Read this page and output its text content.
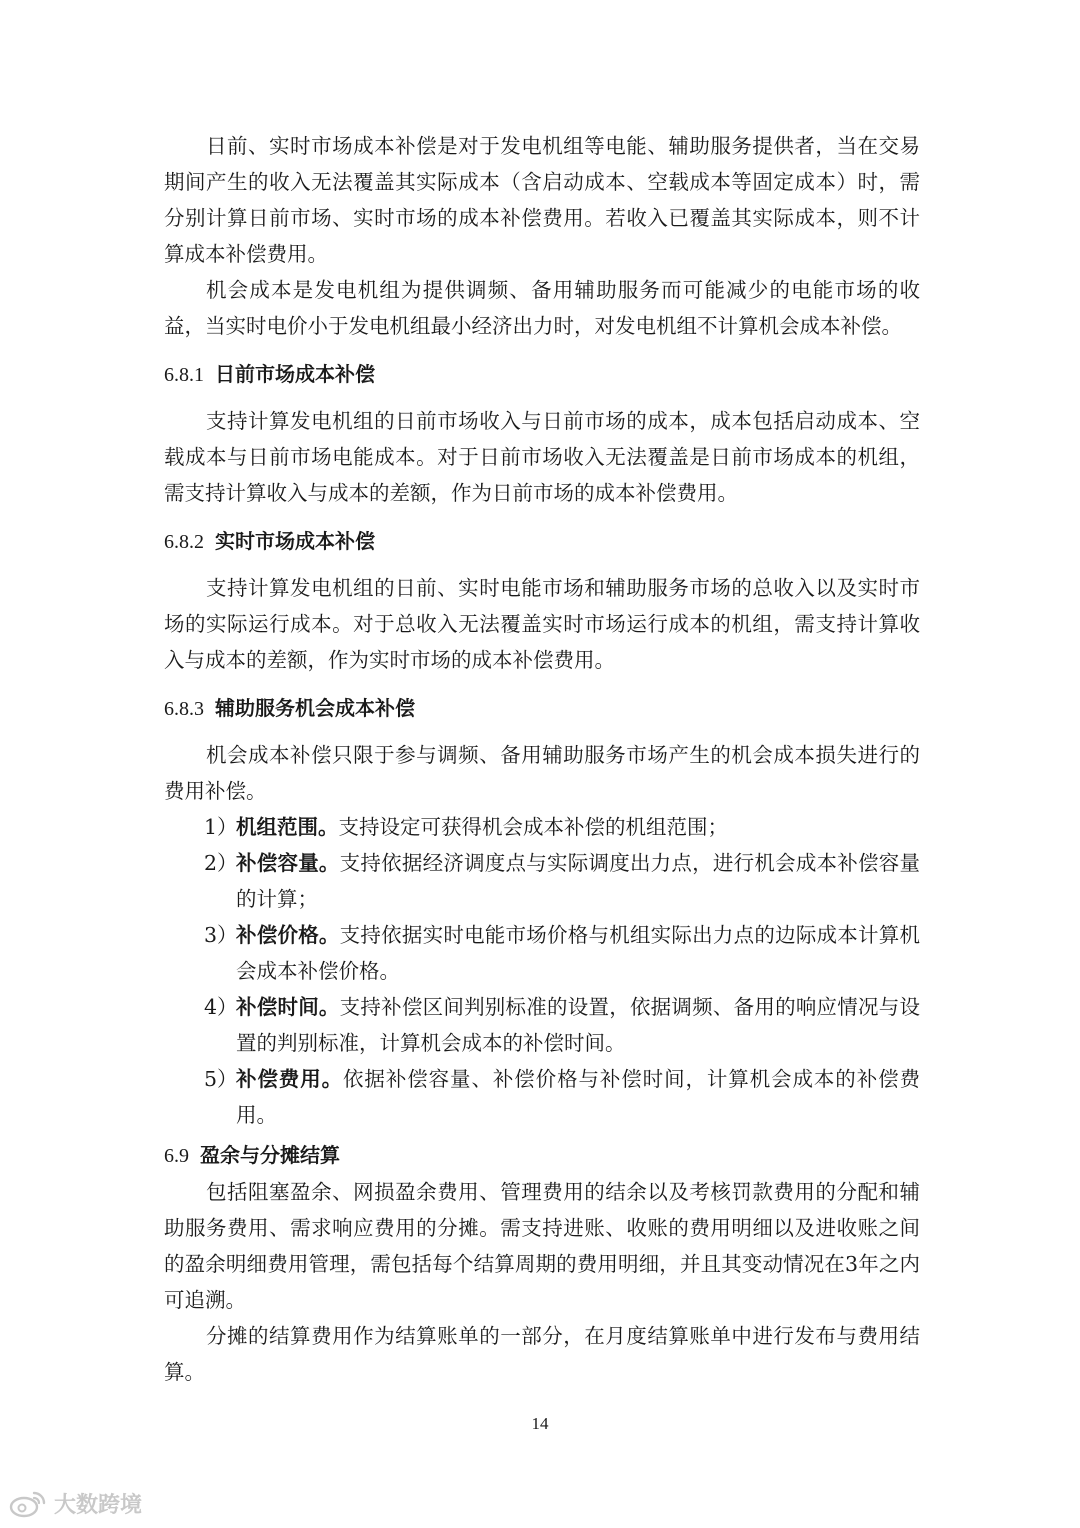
日前、实时市场成本补偿是对于发电机组等电能、辅助服务提供者，当在交易期间产生的收入无法覆盖其实际成本（含启动成本、空载成本等固定成本）时，需分别计算日前市场、实时市场的成本补偿费用。若收入已覆盖其实际成本，则不计算成本补偿费用。

机会成本是发电机组为提供调频、备用辅助服务而可能减少的电能市场的收益，当实时电价小于发电机组最小经济出力时，对发电机组不计算机会成本补偿。

6.8.1 日前市场成本补偿

支持计算发电机组的日前市场收入与日前市场的成本，成本包括启动成本、空载成本与日前市场电能成本。对于日前市场收入无法覆盖是日前市场成本的机组，需支持计算收入与成本的差额，作为日前市场的成本补偿费用。

6.8.2 实时市场成本补偿

支持计算发电机组的日前、实时电能市场和辅助服务市场的总收入以及实时市场的实际运行成本。对于总收入无法覆盖实时市场运行成本的机组，需支持计算收入与成本的差额，作为实时市场的成本补偿费用。

6.8.3 辅助服务机会成本补偿

机会成本补偿只限于参与调频、备用辅助服务市场产生的机会成本损失进行的费用补偿。

1）
机组范围。支持设定可获得机会成本补偿的机组范围；
2）
补偿容量。支持依据经济调度点与实际调度出力点，进行机会成本补偿容量的计算；
3）
补偿价格。支持依据实时电能市场价格与机组实际出力点的边际成本计算机会成本补偿价格。
4）
补偿时间。支持补偿区间判别标准的设置，依据调频、备用的响应情况与设置的判别标准，计算机会成本的补偿时间。
5）
补偿费用。依据补偿容量、补偿价格与补偿时间，计算机会成本的补偿费用。
6.9 盈余与分摊结算

包括阻塞盈余、网损盈余费用、管理费用的结余以及考核罚款费用的分配和辅助服务费用、需求响应费用的分摊。需支持进账、收账的费用明细以及进收账之间的盈余明细费用管理，需包括每个结算周期的费用明细，并且其变动情况在3年之内可追溯。

分摊的结算费用作为结算账单的一部分，在月度结算账单中进行发布与费用结算。

14
大数跨境
